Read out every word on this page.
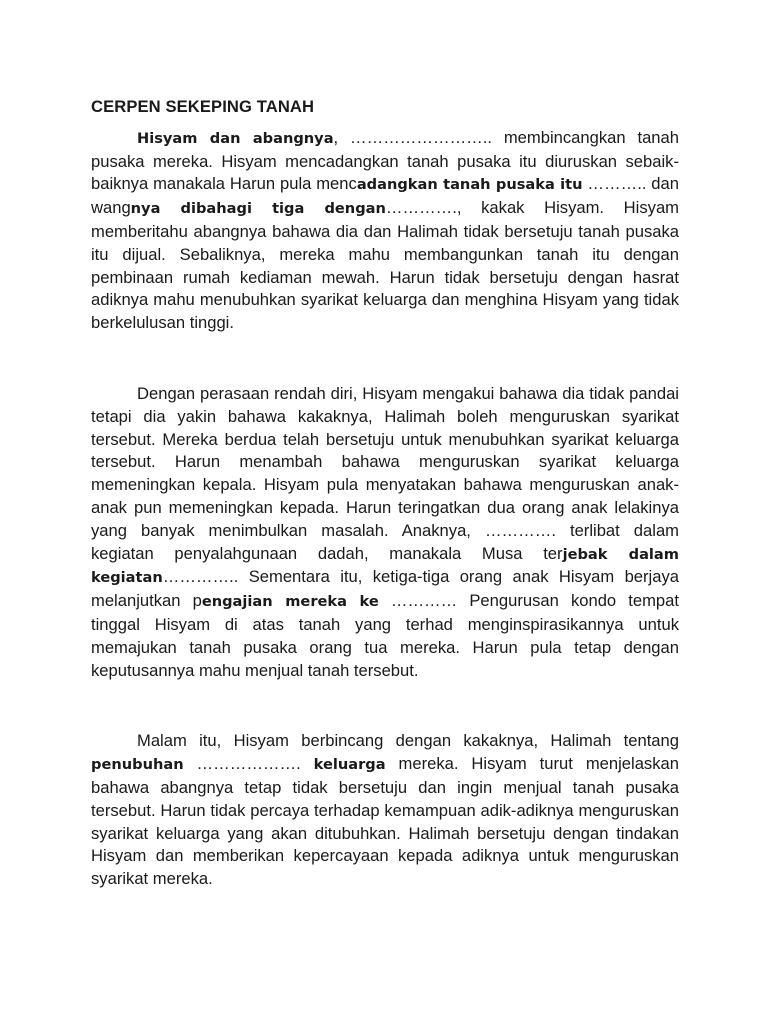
CERPEN SEKEPING TANAH

Hisyam dan abangnya, …………………….. membincangkan tanah pusaka mereka. Hisyam mencadangkan tanah pusaka itu diuruskan sebaik-baiknya manakala Harun pula mencadangkan tanah pusaka itu ……….. dan wangnya dibahagi tiga dengan…………., kakak Hisyam. Hisyam memberitahu abangnya bahawa dia dan Halimah tidak bersetuju tanah pusaka itu dijual. Sebaliknya, mereka mahu membangunkan tanah itu dengan pembinaan rumah kediaman mewah. Harun tidak bersetuju dengan hasrat adiknya mahu menubuhkan syarikat keluarga dan menghina Hisyam yang tidak berkelulusan tinggi.

Dengan perasaan rendah diri, Hisyam mengakui bahawa dia tidak pandai tetapi dia yakin bahawa kakaknya, Halimah boleh menguruskan syarikat tersebut. Mereka berdua telah bersetuju untuk menubuhkan syarikat keluarga tersebut. Harun menambah bahawa menguruskan syarikat keluarga memeningkan kepala. Hisyam pula menyatakan bahawa menguruskan anak-anak pun memeningkan kepada. Harun teringatkan dua orang anak lelakinya yang banyak menimbulkan masalah. Anaknya, …………. terlibat dalam kegiatan penyalahgunaan dadah, manakala Musa terjebak dalam kegiatan………….. Sementara itu, ketiga-tiga orang anak Hisyam berjaya melanjutkan pengajian mereka ke ………… Pengurusan kondo tempat tinggal Hisyam di atas tanah yang terhad menginspirasikannya untuk memajukan tanah pusaka orang tua mereka. Harun pula tetap dengan keputusannya mahu menjual tanah tersebut.

Malam itu, Hisyam berbincang dengan kakaknya, Halimah tentang penubuhan ………………. keluarga mereka. Hisyam turut menjelaskan bahawa abangnya tetap tidak bersetuju dan ingin menjual tanah pusaka tersebut. Harun tidak percaya terhadap kemampuan adik-adiknya menguruskan syarikat keluarga yang akan ditubuhkan. Halimah bersetuju dengan tindakan Hisyam dan memberikan kepercayaan kepada adiknya untuk menguruskan syarikat mereka.
